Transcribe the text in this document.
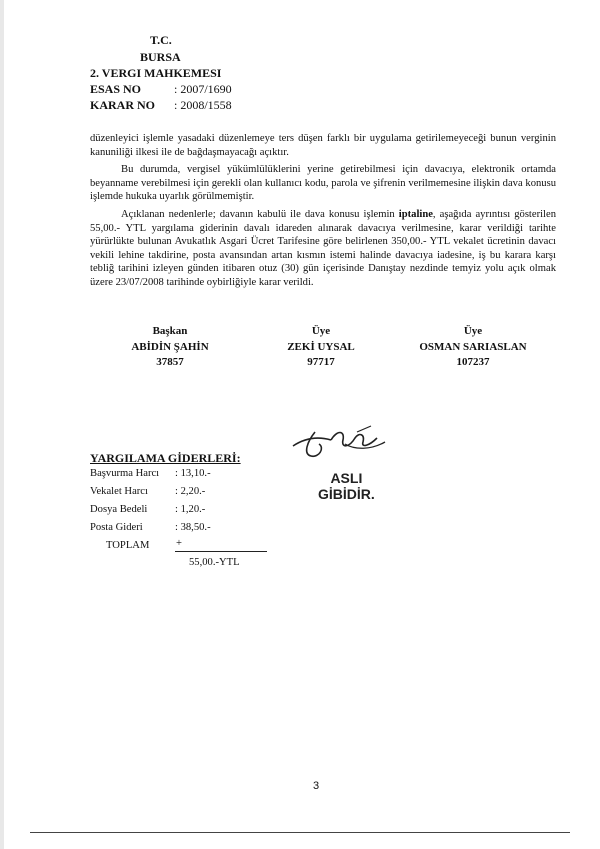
T.C.
BURSA
2. VERGI MAHKEMESI
ESAS NO	: 2007/1690
KARAR NO : 2008/1558

düzenleyici işlemle yasadaki düzenlemeye ters düşen farklı bir uygulama getirilemeyeceği bunun verginin kanuniliği ilkesi ile de bağdaşmayacağı açıktır.

Bu durumda, vergisel yükümlülüklerini yerine getirebilmesi için davacıya, elektronik ortamda beyanname verebilmesi için gerekli olan kullanıcı kodu, parola ve şifrenin verilmemesine ilişkin dava konusu işlemde hukuka uyarlık görülmemiştir.

Açıklanan nedenlerle; davanın kabulü ile dava konusu işlemin iptaline, aşağıda ayrıntısı gösterilen 55,00.- YTL yargılama giderinin davalı idareden alınarak davacıya verilmesine, karar verildiği tarihte yürürlükte bulunan Avukatlık Asgari Ücret Tarifesine göre belirlenen 350,00.- YTL vekalet ücretinin davacı vekili lehine takdirine, posta avansından artan kısmın istemi halinde davacıya iadesine, iş bu karara karşı tebliğ tarihini izleyen günden itibaren otuz (30) gün içerisinde Danıştay nezdinde temyiz yolu açık olmak üzere 23/07/2008 tarihinde oybirliğiyle karar verildi.

Başkan
ABİDİN ŞAHİN
37857
Üye
ZEKİ UYSAL
97717
Üye
OSMAN SARIASLAN
107237
ASLI
GİBİDİR.
YARGILAMA GİDERLERİ:
Başvurma Harcı : 13,10.-
Vekalet Harcı	: 2,20.-
Dosya Bedeli	: 1,20.-
Posta Gideri	: 38,50.-
TOPLAM	+
55,00.-YTL
3
